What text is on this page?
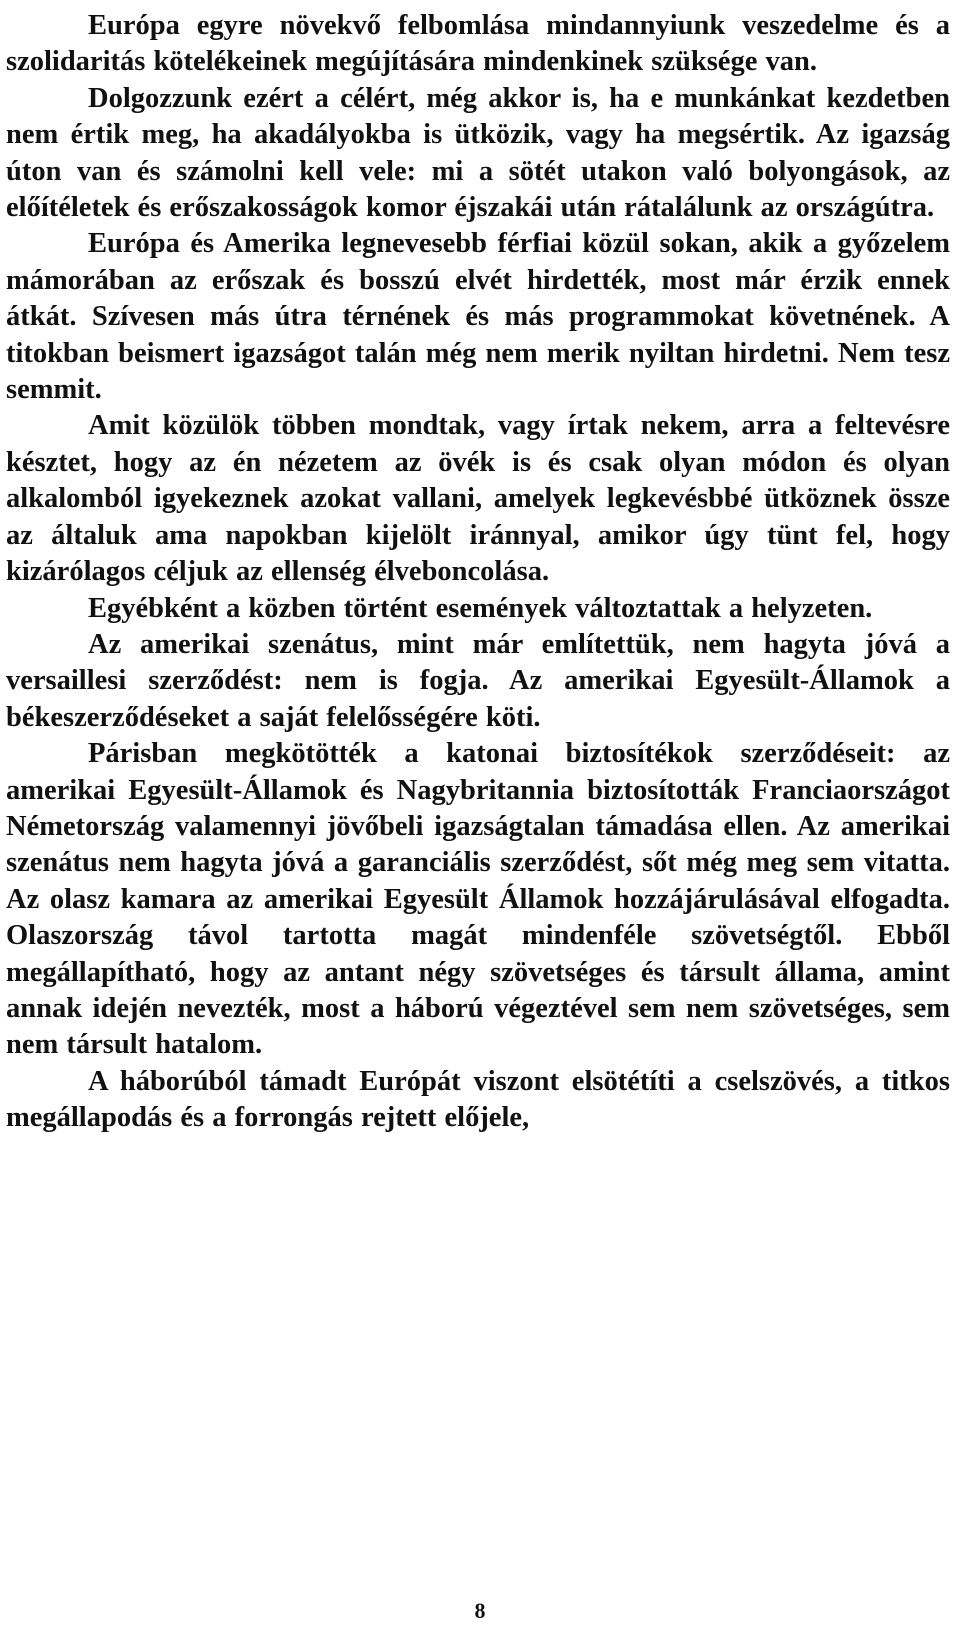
Európa egyre növekvő felbomlása mindannyiunk veszedelme és a szolidaritás kötelékeinek megújítására mindenkinek szüksége van.

Dolgozzunk ezért a célért, még akkor is, ha e munkánkat kezdetben nem értik meg, ha akadályokba is ütközik, vagy ha megsértik. Az igazság úton van és számolni kell vele: mi a sötét utakon való bolyongások, az előítéletek és erőszakosságok komor éjszakái után rátalálunk az országútra.

Európa és Amerika legnevesebb férfiai közül sokan, akik a győzelem mámorában az erőszak és bosszú elvét hirdették, most már érzik ennek átkát. Szívesen más útra térnének és más programmokat követnének. A titokban beismert igazságot talán még nem merik nyiltan hirdetni. Nem tesz semmit.

Amit közülök többen mondtak, vagy írtak nekem, arra a feltevésre késztet, hogy az én nézetem az övék is és csak olyan módon és olyan alkalomból igyekeznek azokat vallani, amelyek legkevésbbé ütköznek össze az általuk ama napokban kijelölt iránnyal, amikor úgy tünt fel, hogy kizárólagos céljuk az ellenség élveboncolása.

Egyébként a közben történt események változtattak a helyzeten.

Az amerikai szenátus, mint már említettük, nem hagyta jóvá a versaillesi szerződést: nem is fogja. Az amerikai Egyesült-Államok a békeszerződéseket a saját felelősségére köti.

Párisban megkötötték a katonai biztosítékok szerződéseit: az amerikai Egyesült-Államok és Nagybritannia biztosították Franciaországot Németország valamennyi jövőbeli igazságtalan támadása ellen. Az amerikai szenátus nem hagyta jóvá a garanciális szerződést, sőt még meg sem vitatta. Az olasz kamara az amerikai Egyesült Államok hozzájárulásával elfogadta. Olaszország távol tartotta magát mindenféle szövetségtől. Ebből megállapítható, hogy az antant négy szövetséges és társult állama, amint annak idején nevezték, most a háború végeztével sem nem szövetséges, sem nem társult hatalom.

A háborúból támadt Európát viszont elsötétíti a cselszövés, a titkos megállapodás és a forrongás rejtett előjele,

8
